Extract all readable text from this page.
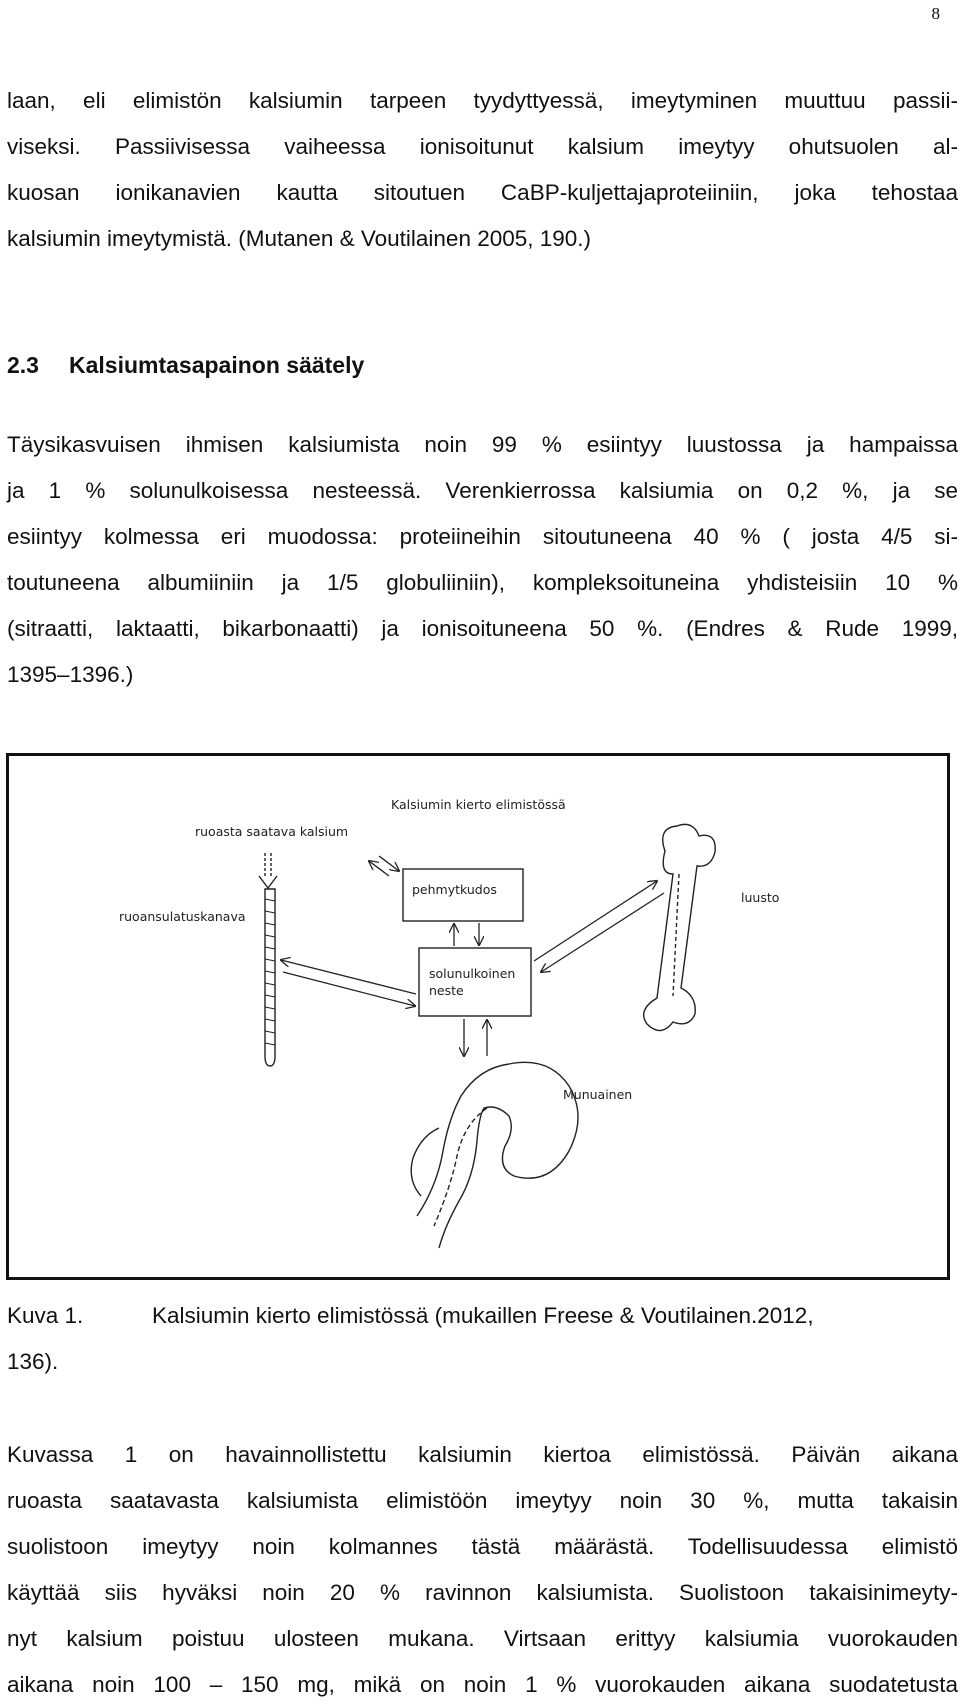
8
laan, eli elimistön kalsiumin tarpeen tyydyttyessä, imeytyminen muuttuu passii-
viseksi. Passiivisessa vaiheessa ionisoitunut kalsium imeytyy ohutsuolen al-
kuosan ionikanavien kautta sitoutuen CaBP-kuljettajaproteiiniin, joka tehostaa
kalsiumin imeytymistä. (Mutanen & Voutilainen 2005, 190.)
2.3 Kalsiumtasapainon säätely
Täysikasvuisen ihmisen kalsiumista noin 99 % esiintyy luustossa ja hampaissa
ja 1 % solunulkoisessa nesteessä. Verenkierrossa kalsiumia on 0,2 %, ja se
esiintyy kolmessa eri muodossa: proteiineihin sitoutuneena 40 % ( josta 4/5 si-
toutuneena albumiiniin ja 1/5 globuliiniin), kompleksoituneina yhdisteisiin 10 %
(sitraatti, laktaatti, bikarbonaatti) ja ionisoituneena 50 %. (Endres & Rude 1999,
1395–1396.)
Kalsiumin kierto elimistössä
ruoasta saatava kalsium
ruoansulatuskanava
pehmytkudos
solunulkoinen
neste
luusto
Munuainen
Kuva 1.	Kalsiumin kierto elimistössä (mukaillen Freese & Voutilainen.2012,
136).
Kuvassa 1 on havainnollistettu kalsiumin kiertoa elimistössä. Päivän aikana
ruoasta saatavasta kalsiumista elimistöön imeytyy noin 30 %, mutta takaisin
suolistoon imeytyy noin kolmannes tästä määrästä. Todellisuudessa elimistö
käyttää siis hyväksi noin 20 % ravinnon kalsiumista. Suolistoon takaisinimeyty-
nyt kalsium poistuu ulosteen mukana. Virtsaan erittyy kalsiumia vuorokauden
aikana noin 100 – 150 mg, mikä on noin 1 % vuorokauden aikana suodatetusta
